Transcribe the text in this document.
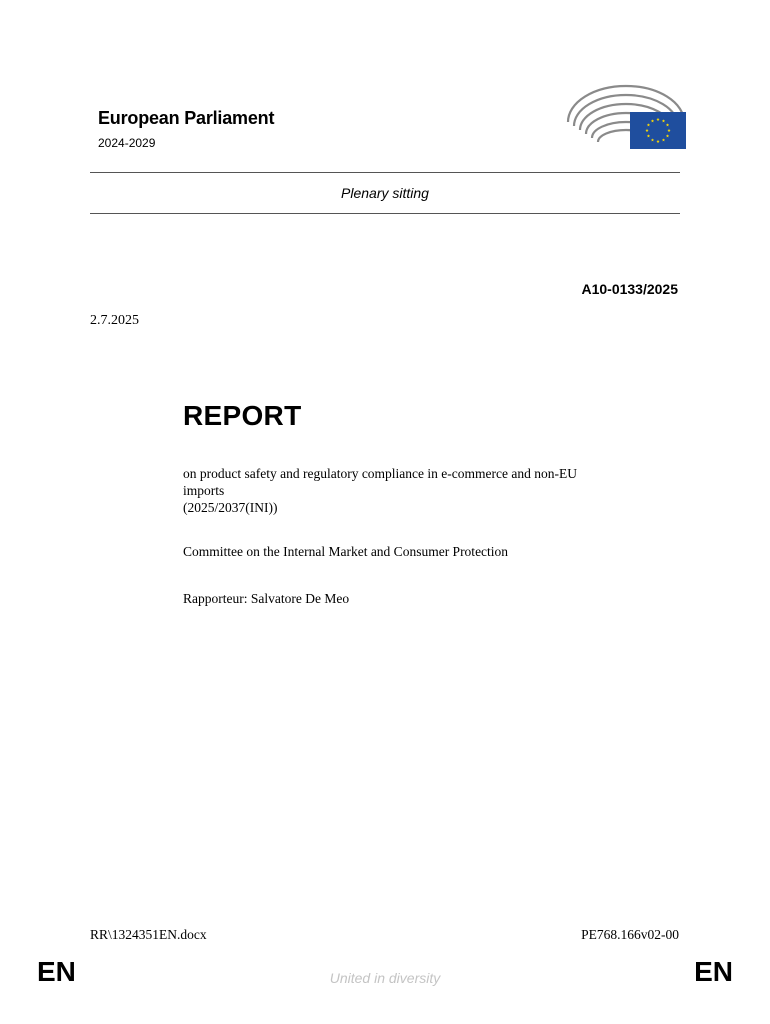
European Parliament
2024-2029
Plenary sitting
A10-0133/2025
2.7.2025
REPORT
on product safety and regulatory compliance in e-commerce and non-EU
imports
(2025/2037(INI))
Committee on the Internal Market and Consumer Protection
Rapporteur: Salvatore De Meo
RR\1324351EN.docx	PE768.166v02-00
EN	United in diversity	EN
